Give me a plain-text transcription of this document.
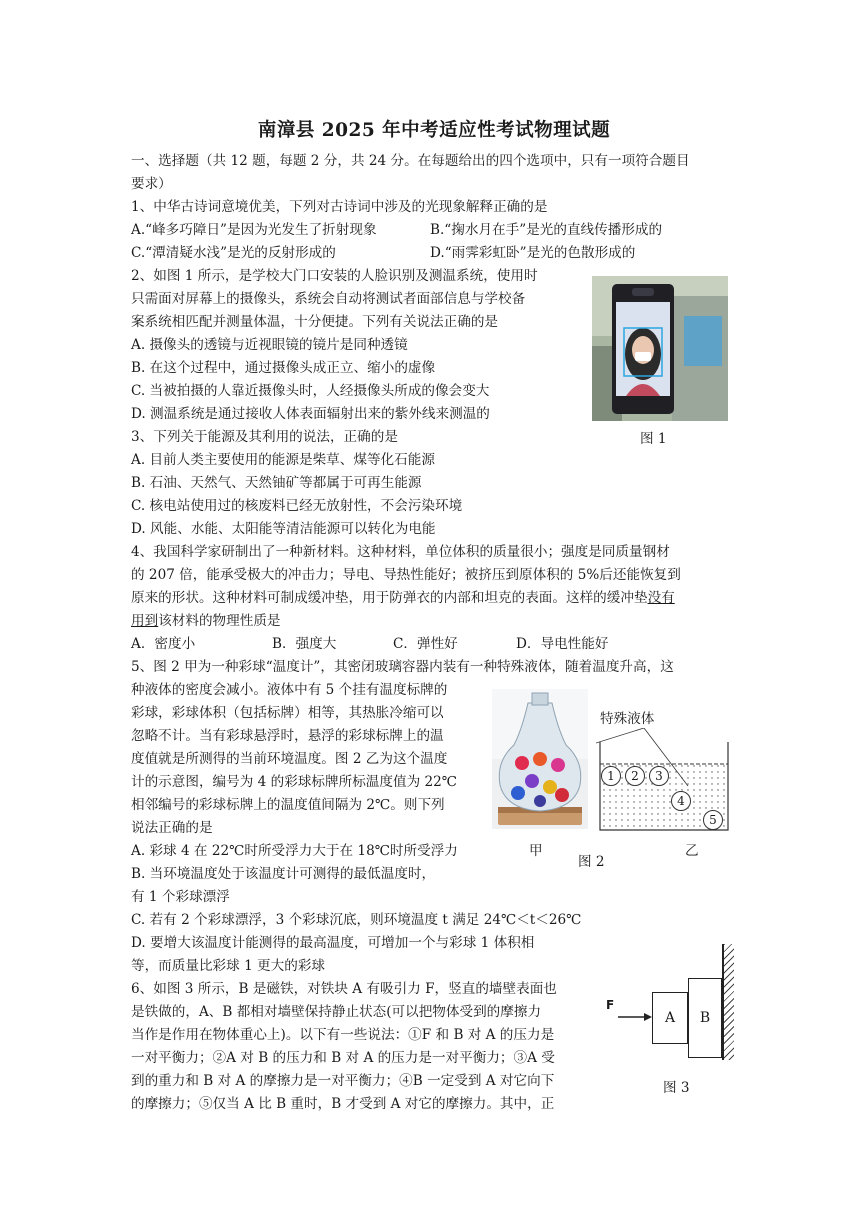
南漳县 2025 年中考适应性考试物理试题
一、选择题（共 12 题，每题 2 分，共 24 分。在每题给出的四个选项中，只有一项符合题目
要求）
1、中华古诗词意境优美，下列对古诗词中涉及的光现象解释正确的是
A.“峰多巧障日”是因为光发生了折射现象	B.“掬水月在手”是光的直线传播形成的
C.“潭清疑水浅”是光的反射形成的	D.“雨霁彩虹卧”是光的色散形成的
2、如图 1 所示，是学校大门口安装的人脸识别及测温系统，使用时
只需面对屏幕上的摄像头，系统会自动将测试者面部信息与学校备
案系统相匹配并测量体温，十分便捷。下列有关说法正确的是
A. 摄像头的透镜与近视眼镜的镜片是同种透镜
B. 在这个过程中，通过摄像头成正立、缩小的虚像
C. 当被拍摄的人靠近摄像头时，人经摄像头所成的像会变大
D. 测温系统是通过接收人体表面辐射出来的紫外线来测温的
图 1
3、下列关于能源及其利用的说法，正确的是
A. 目前人类主要使用的能源是柴草、煤等化石能源
B. 石油、天然气、天然铀矿等都属于可再生能源
C. 核电站使用过的核废料已经无放射性，不会污染环境
D. 风能、水能、太阳能等清洁能源可以转化为电能
4、我国科学家研制出了一种新材料。这种材料，单位体积的质量很小；强度是同质量钢材
的 207 倍，能承受极大的冲击力；导电、导热性能好；被挤压到原体积的 5%后还能恢复到
原来的形状。这种材料可制成缓冲垫，用于防弹衣的内部和坦克的表面。这样的缓冲垫没有
用到该材料的物理性质是
A．密度小	B．强度大	C．弹性好	D．导电性能好
5、图 2 甲为一种彩球“温度计”，其密闭玻璃容器内装有一种特殊液体，随着温度升高，这
种液体的密度会减小。液体中有 5 个挂有温度标牌的
彩球，彩球体积（包括标牌）相等，其热胀冷缩可以
忽略不计。当有彩球悬浮时，悬浮的彩球标牌上的温
度值就是所测得的当前环境温度。图 2 乙为这个温度
计的示意图，编号为 4 的彩球标牌所标温度值为 22℃
相邻编号的彩球标牌上的温度值间隔为 2℃。则下列
说法正确的是
A. 彩球 4 在 22℃时所受浮力大于在 18℃时所受浮力
B. 当环境温度处于该温度计可测得的最低温度时，
有 1 个彩球漂浮
C. 若有 2 个彩球漂浮，3 个彩球沉底，则环境温度 t 满足 24℃＜t＜26℃
D. 要增大该温度计能测得的最高温度，可增加一个与彩球 1 体积相
等，而质量比彩球 1 更大的彩球
特殊液体
1	2	3
4
5
甲	乙
图 2
6、如图 3 所示，B 是磁铁，对铁块 A 有吸引力 F，竖直的墙壁表面也
是铁做的，A、B 都相对墙壁保持静止状态(可以把物体受到的摩擦力
当作是作用在物体重心上)。以下有一些说法：①F 和 B 对 A 的压力是
一对平衡力；②A 对 B 的压力和 B 对 A 的压力是一对平衡力；③A 受
到的重力和 B 对 A 的摩擦力是一对平衡力；④B 一定受到 A 对它向下
的摩擦力；⑤仅当 A 比 B 重时，B 才受到 A 对它的摩擦力。其中，正
B
A
F
图 3
